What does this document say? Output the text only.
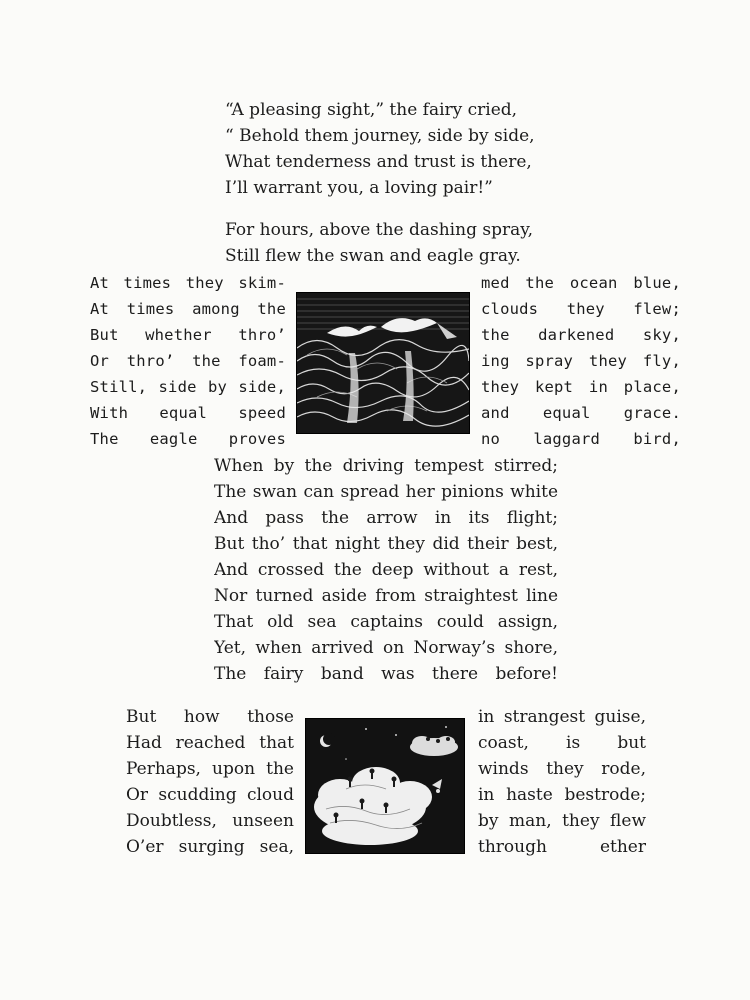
“A pleasing sight,” the fairy cried,
“ Behold them journey, side by side,
What tenderness and trust is there,
I’ll warrant you, a loving pair!”
For hours, above the dashing spray,
Still flew the swan and eagle gray.
At times they skim-
At times among the
But whether thro’
Or thro’ the foam-
Still, side by side,
With equal speed
The eagle proves
med the ocean blue,
clouds they flew;
the darkened sky,
ing spray they fly,
they kept in place,
and equal grace.
no laggard bird,
When by the driving tempest stirred;
The swan can spread her pinions white
And pass the arrow in its flight;
But tho’ that night they did their best,
And crossed the deep without a rest,
Nor turned aside from straightest line
That old sea captains could assign,
Yet, when arrived on Norway’s shore,
The fairy band was there before!
But how those
Had reached that
Perhaps, upon the
Or scudding cloud
Doubtless, unseen
O’er surging sea,
in strangest guise,
coast, is but
winds they rode,
in haste bestrode;
by man, they flew
through ether
